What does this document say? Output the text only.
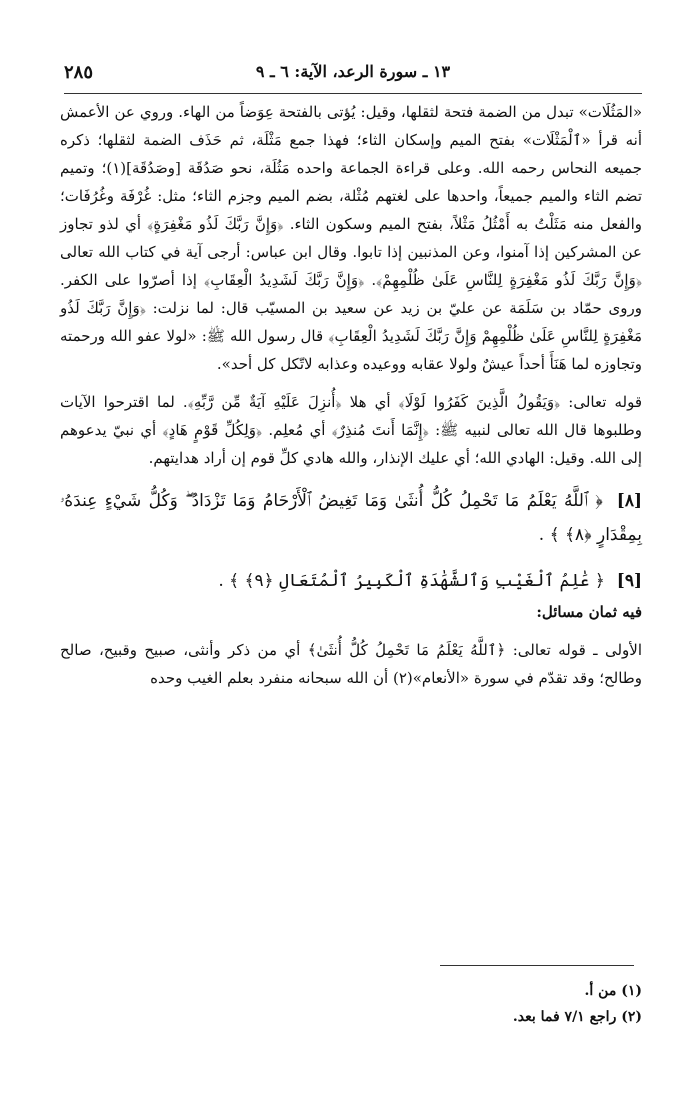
١٣ ـ سورة الرعد، الآية: ٦ ـ ٩
٢٨٥

«المَثُلَات» تبدل من الضمة فتحة لثقلها، وقيل: يُؤتى بالفتحة عِوَضاً من الهاء. وروي عن الأعمش أنه قرأ «ٱلْمَثْلَات» بفتح الميم وإسكان الثاء؛ فهذا جمع مَثْلَة، ثم حَذَف الضمة لثقلها؛ ذكره جميعه النحاس رحمه الله. وعلى قراءة الجماعة واحده مَثُلَة، نحو صَدُقَة [وصَدُقَة](١)؛ وتميم تضم الثاء والميم جميعاً، واحدها على لغتهم مُثْلة، بضم الميم وجزم الثاء؛ مثل: غُرْفَة وغُرُفَات؛ والفعل منه مَثَلْتُ به أَمْثُلُ مَثْلاً، بفتح الميم وسكون الثاء. ﴿وَإِنَّ رَبَّكَ لَذُو مَغْفِرَةٍ﴾ أي لذو تجاوز عن المشركين إذا آمنوا، وعن المذنبين إذا تابوا. وقال ابن عباس: أرجى آية في كتاب الله تعالى ﴿وَإِنَّ رَبَّكَ لَذُو مَغْفِرَةٍ لِلنَّاسِ عَلَىٰ ظُلْمِهِمْ﴾. ﴿وَإِنَّ رَبَّكَ لَشَدِيدُ الْعِقَابِ﴾ إذا أصرّوا على الكفر. وروى حمّاد بن سَلَمَة عن عليّ بن زيد عن سعيد بن المسيّب قال: لما نزلت: ﴿وَإِنَّ رَبَّكَ لَذُو مَغْفِرَةٍ لِلنَّاسِ عَلَىٰ ظُلْمِهِمْ وَإِنَّ رَبَّكَ لَشَدِيدُ الْعِقَابِ﴾ قال رسول الله ﷺ: «لولا عفو الله ورحمته وتجاوزه لما هَنَأَ أحداً عيشٌ ولولا عقابه ووعيده وعذابه لاتّكل كل أحد».

قوله تعالى: ﴿وَيَقُولُ الَّذِينَ كَفَرُوا لَوْلَا﴾ أي هلا ﴿أُنزِلَ عَلَيْهِ آيَةٌ مِّن رَّبِّهِ﴾. لما اقترحوا الآيات وطلبوها قال الله تعالى لنبيه ﷺ: ﴿إِنَّمَا أَنتَ مُنذِرٌ﴾ أي مُعلِم. ﴿وَلِكُلِّ قَوْمٍ هَادٍ﴾ أي نبيّ يدعوهم إلى الله. وقيل: الهادي الله؛ أي عليك الإنذار، والله هادي كلِّ قوم إن أراد هدايتهم.

[٨] ﴿ ٱللَّهُ يَعْلَمُ مَا تَحْمِلُ كُلُّ أُنثَىٰ وَمَا تَغِيضُ ٱلْأَرْحَامُ وَمَا تَزْدَادُ ۖ وَكُلُّ شَيْءٍ عِندَهُۥ بِمِقْدَارٍ ﴿٨﴾ ﴾ .
[٩] ﴿ عَٰلِمُ ٱلْغَيْبِ وَٱلشَّهَٰدَةِ ٱلْكَبِيرُ ٱلْمُتَعَالِ ﴿٩﴾ ﴾ .

فيه ثمان مسائل:

الأولى ـ قوله تعالى: ﴿ٱللَّهُ يَعْلَمُ مَا تَحْمِلُ كُلُّ أُنثَىٰ﴾ أي من ذكر وأنثى، صبيح وقبيح، صالح وطالح؛ وقد تقدّم في سورة «الأنعام»(٢) أن الله سبحانه منفرد بعلم الغيب وحده

(١) من أ.
(٢) راجع ٧/١ فما بعد.
